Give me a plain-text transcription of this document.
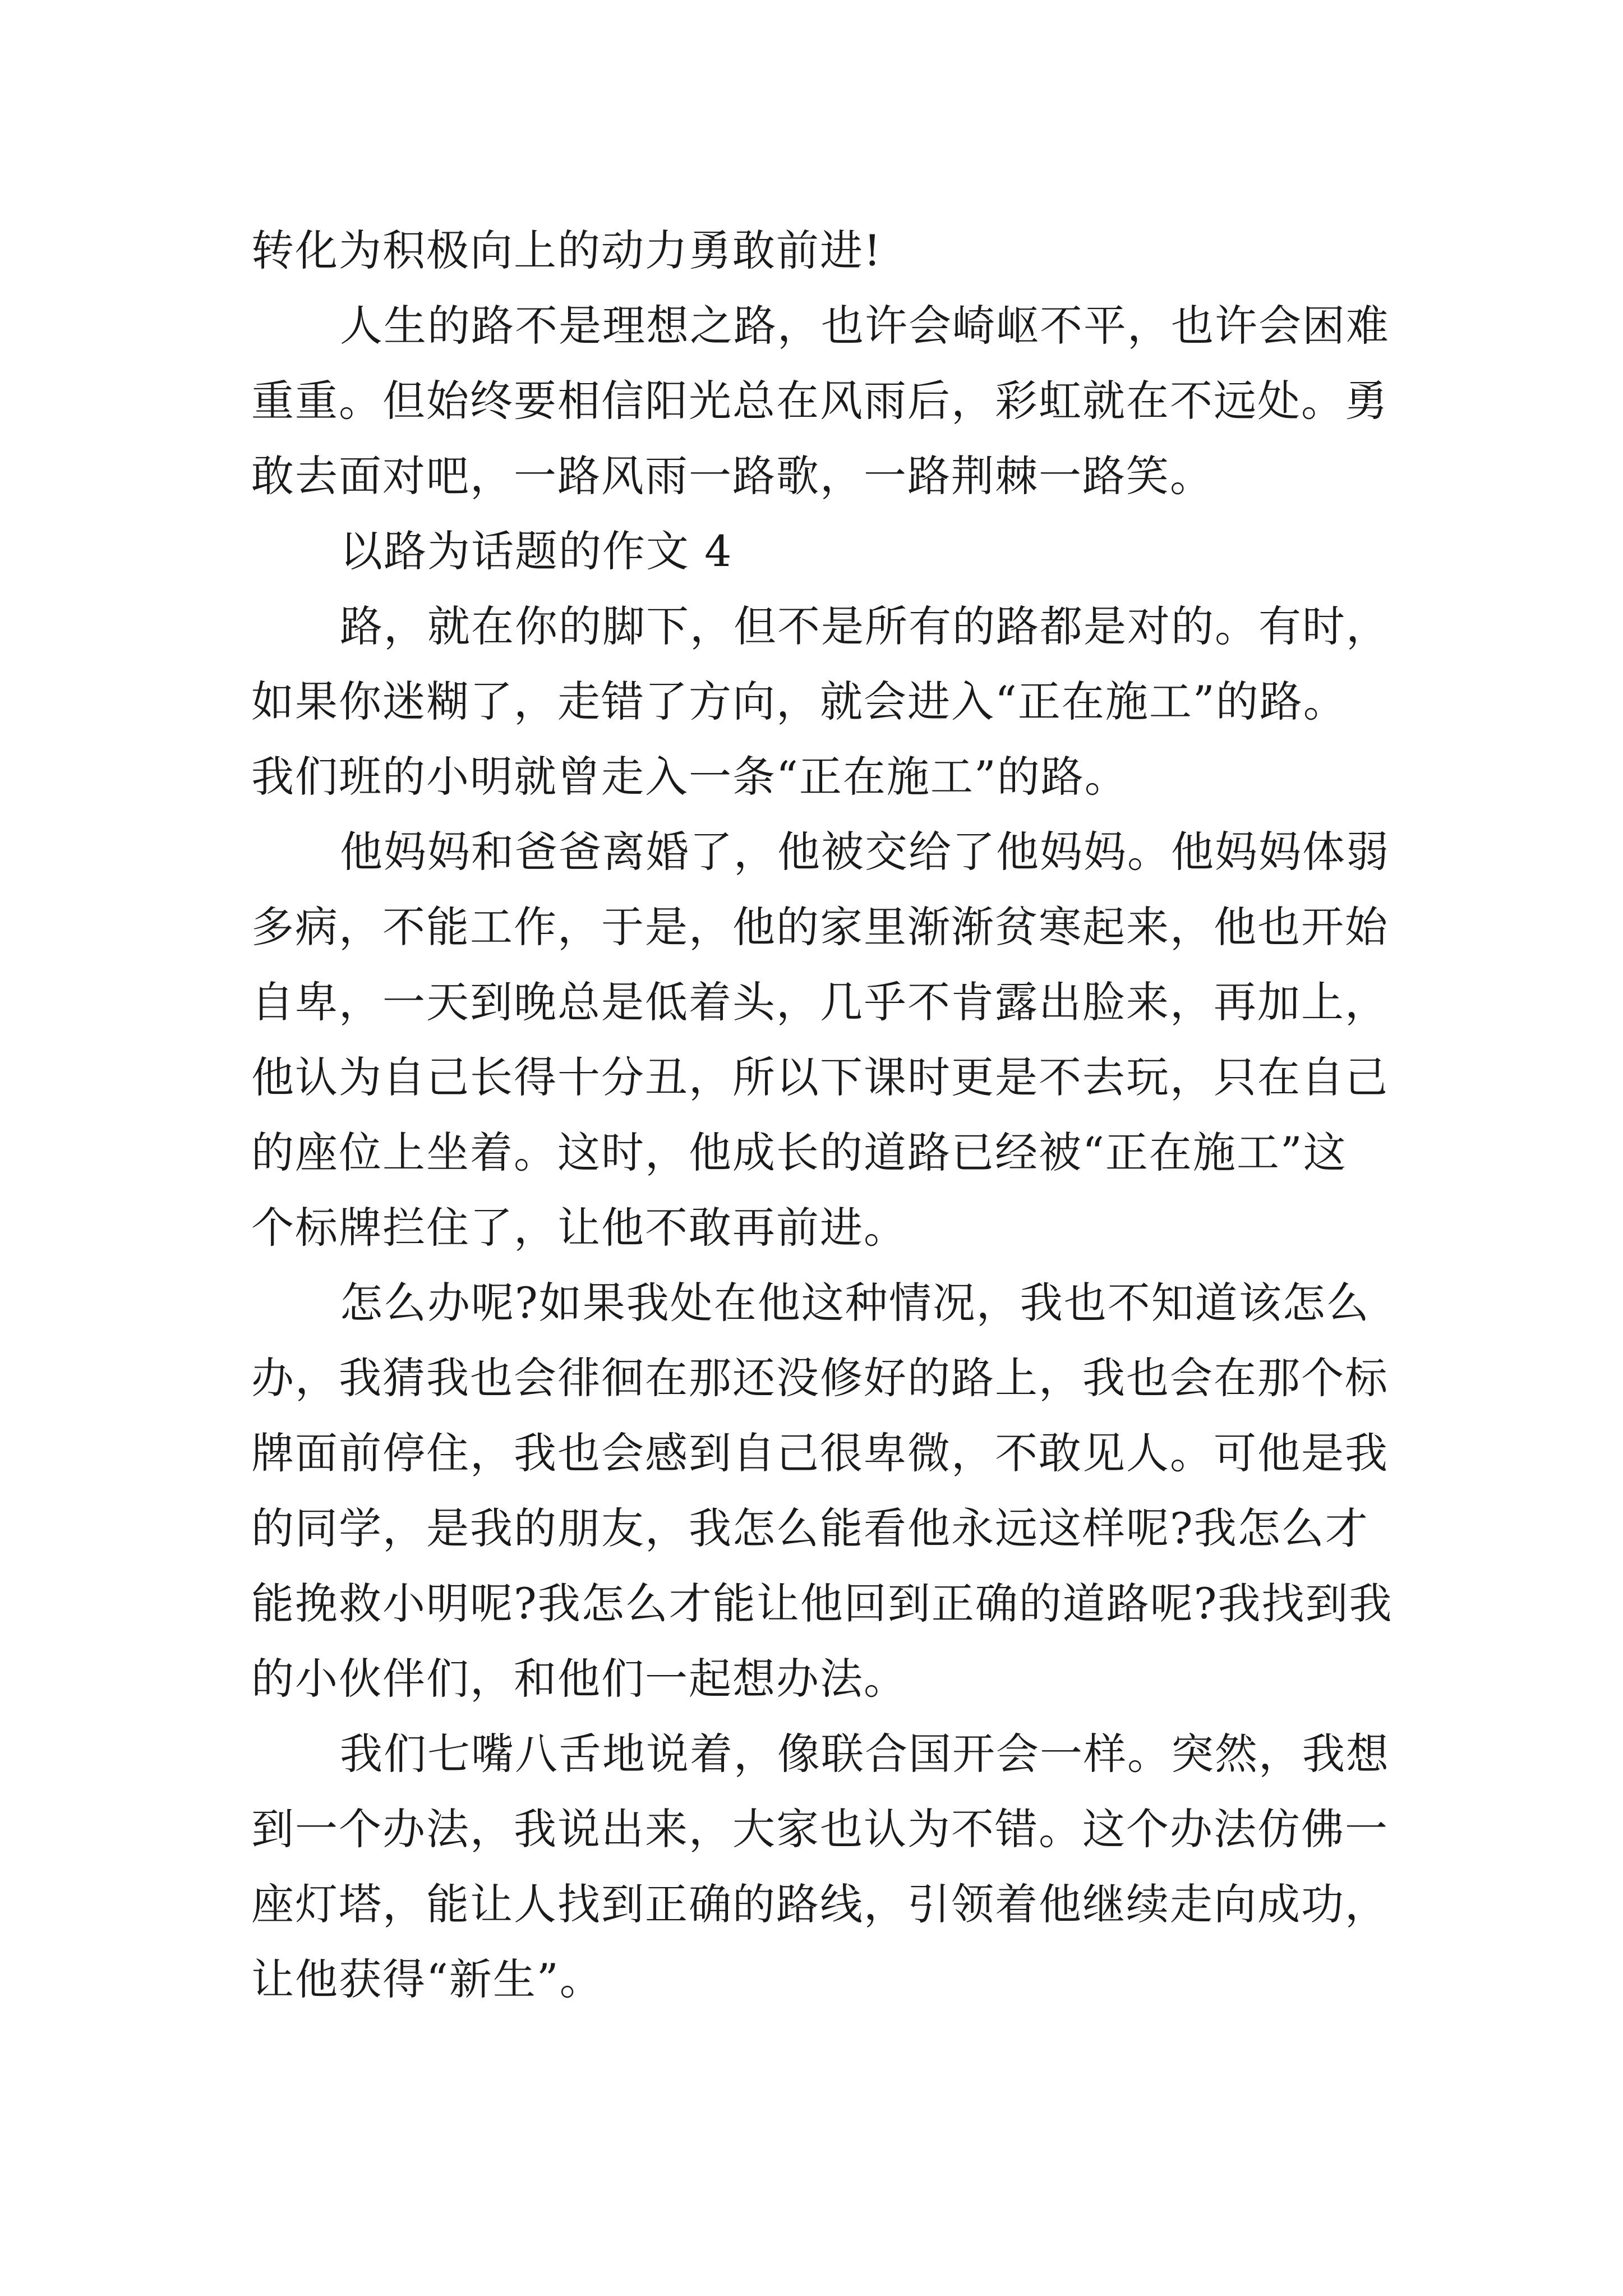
转化为积极向上的动力勇敢前进!
人生的路不是理想之路，也许会崎岖不平，也许会困难
重重。但始终要相信阳光总在风雨后，彩虹就在不远处。勇
敢去面对吧，一路风雨一路歌，一路荆棘一路笑。
以路为话题的作文 4
路，就在你的脚下，但不是所有的路都是对的。有时，
如果你迷糊了，走错了方向，就会进入“正在施工”的路。
我们班的小明就曾走入一条“正在施工”的路。
他妈妈和爸爸离婚了，他被交给了他妈妈。他妈妈体弱
多病，不能工作，于是，他的家里渐渐贫寒起来，他也开始
自卑，一天到晚总是低着头，几乎不肯露出脸来，再加上，
他认为自己长得十分丑，所以下课时更是不去玩，只在自己
的座位上坐着。这时，他成长的道路已经被“正在施工”这
个标牌拦住了，让他不敢再前进。
怎么办呢?如果我处在他这种情况，我也不知道该怎么
办，我猜我也会徘徊在那还没修好的路上，我也会在那个标
牌面前停住，我也会感到自己很卑微，不敢见人。可他是我
的同学，是我的朋友，我怎么能看他永远这样呢?我怎么才
能挽救小明呢?我怎么才能让他回到正确的道路呢?我找到我
的小伙伴们，和他们一起想办法。
我们七嘴八舌地说着，像联合国开会一样。突然，我想
到一个办法，我说出来，大家也认为不错。这个办法仿佛一
座灯塔，能让人找到正确的路线，引领着他继续走向成功，
让他获得“新生”。
